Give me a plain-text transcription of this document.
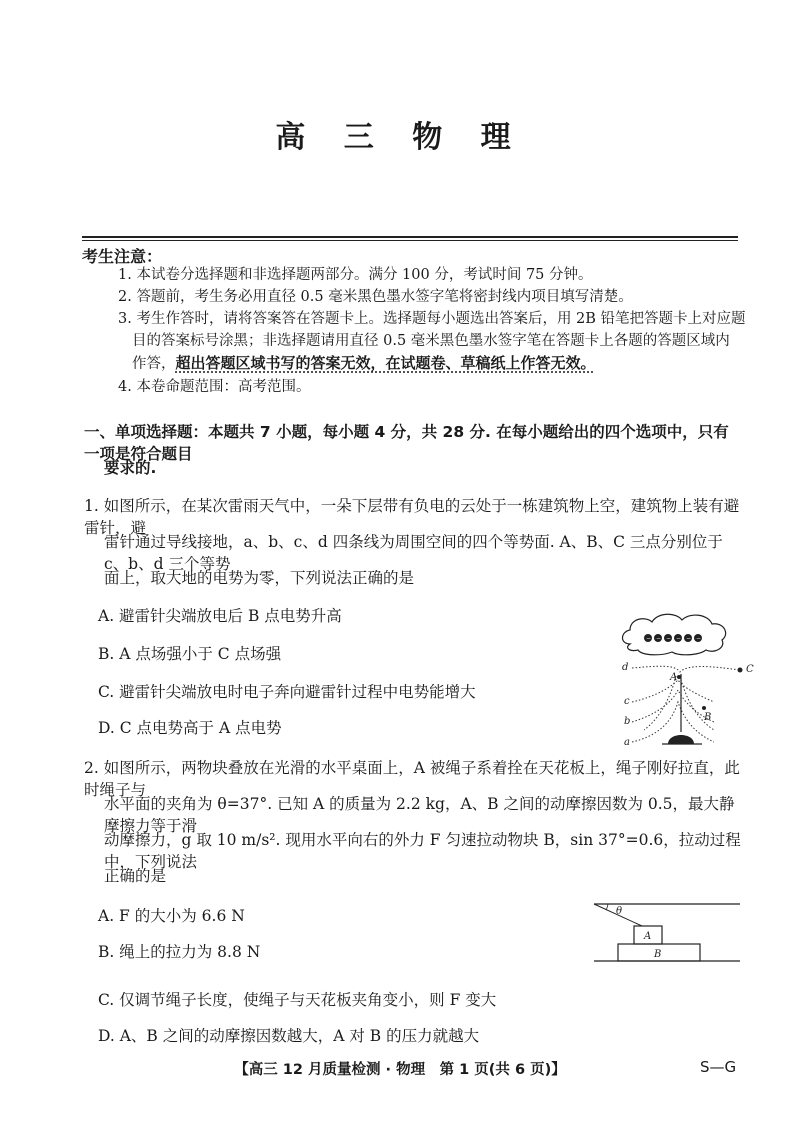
高 三 物 理
考生注意：
1. 本试卷分选择题和非选择题两部分。满分 100 分，考试时间 75 分钟。
2. 答题前，考生务必用直径 0.5 毫米黑色墨水签字笔将密封线内项目填写清楚。
3. 考生作答时，请将答案答在答题卡上。选择题每小题选出答案后，用 2B 铅笔把答题卡上对应题
目的答案标号涂黑；非选择题请用直径 0.5 毫米黑色墨水签字笔在答题卡上各题的答题区域内
作答，超出答题区域书写的答案无效，在试题卷、草稿纸上作答无效。
4. 本卷命题范围：高考范围。
一、单项选择题：本题共 7 小题，每小题 4 分，共 28 分. 在每小题给出的四个选项中，只有一项是符合题目
要求的.
1. 如图所示，在某次雷雨天气中，一朵下层带有负电的云处于一栋建筑物上空，建筑物上装有避雷针，避
雷针通过导线接地，a、b、c、d 四条线为周围空间的四个等势面. A、B、C 三点分别位于 c、b、d 三个等势
面上，取大地的电势为零，下列说法正确的是
A. 避雷针尖端放电后 B 点电势升高
B. A 点场强小于 C 点场强
C. 避雷针尖端放电时电子奔向避雷针过程中电势能增大
D. C 点电势高于 A 点电势
− − − − − −
d
c
b
a
A
B
C
2. 如图所示，两物块叠放在光滑的水平桌面上，A 被绳子系着拴在天花板上，绳子刚好拉直，此时绳子与
水平面的夹角为 θ=37°. 已知 A 的质量为 2.2 kg，A、B 之间的动摩擦因数为 0.5，最大静摩擦力等于滑
动摩擦力，g 取 10 m/s². 现用水平向右的外力 F 匀速拉动物块 B，sin 37°=0.6，拉动过程中，下列说法
正确的是
A. F 的大小为 6.6 N
B. 绳上的拉力为 8.8 N
C. 仅调节绳子长度，使绳子与天花板夹角变小，则 F 变大
D. A、B 之间的动摩擦因数越大，A 对 B 的压力就越大
θ
A
B
【高三 12 月质量检测 · 物理　第 1 页(共 6 页)】	S—G
